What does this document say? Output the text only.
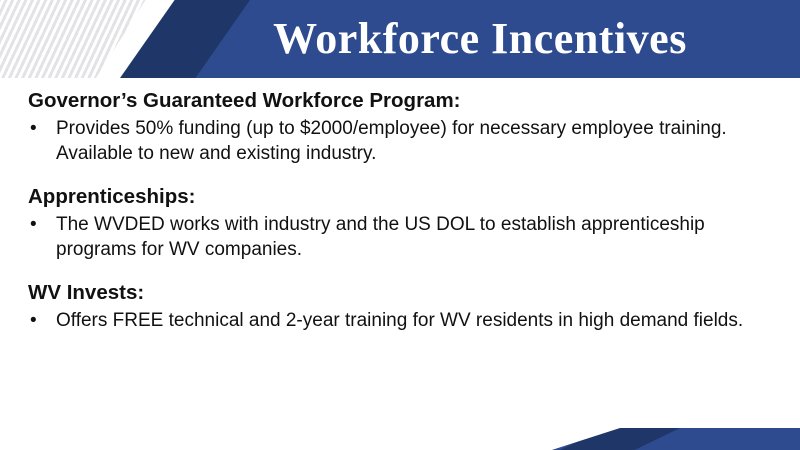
Workforce Incentives
Governor’s Guaranteed Workforce Program:
•	Provides 50% funding (up to $2000/employee) for necessary employee training. Available to new and existing industry.
Apprenticeships:
•	The WVDED works with industry and the US DOL to establish apprenticeship programs for WV companies.
WV Invests:
•	Offers FREE technical and 2-year training for WV residents in high demand fields.
